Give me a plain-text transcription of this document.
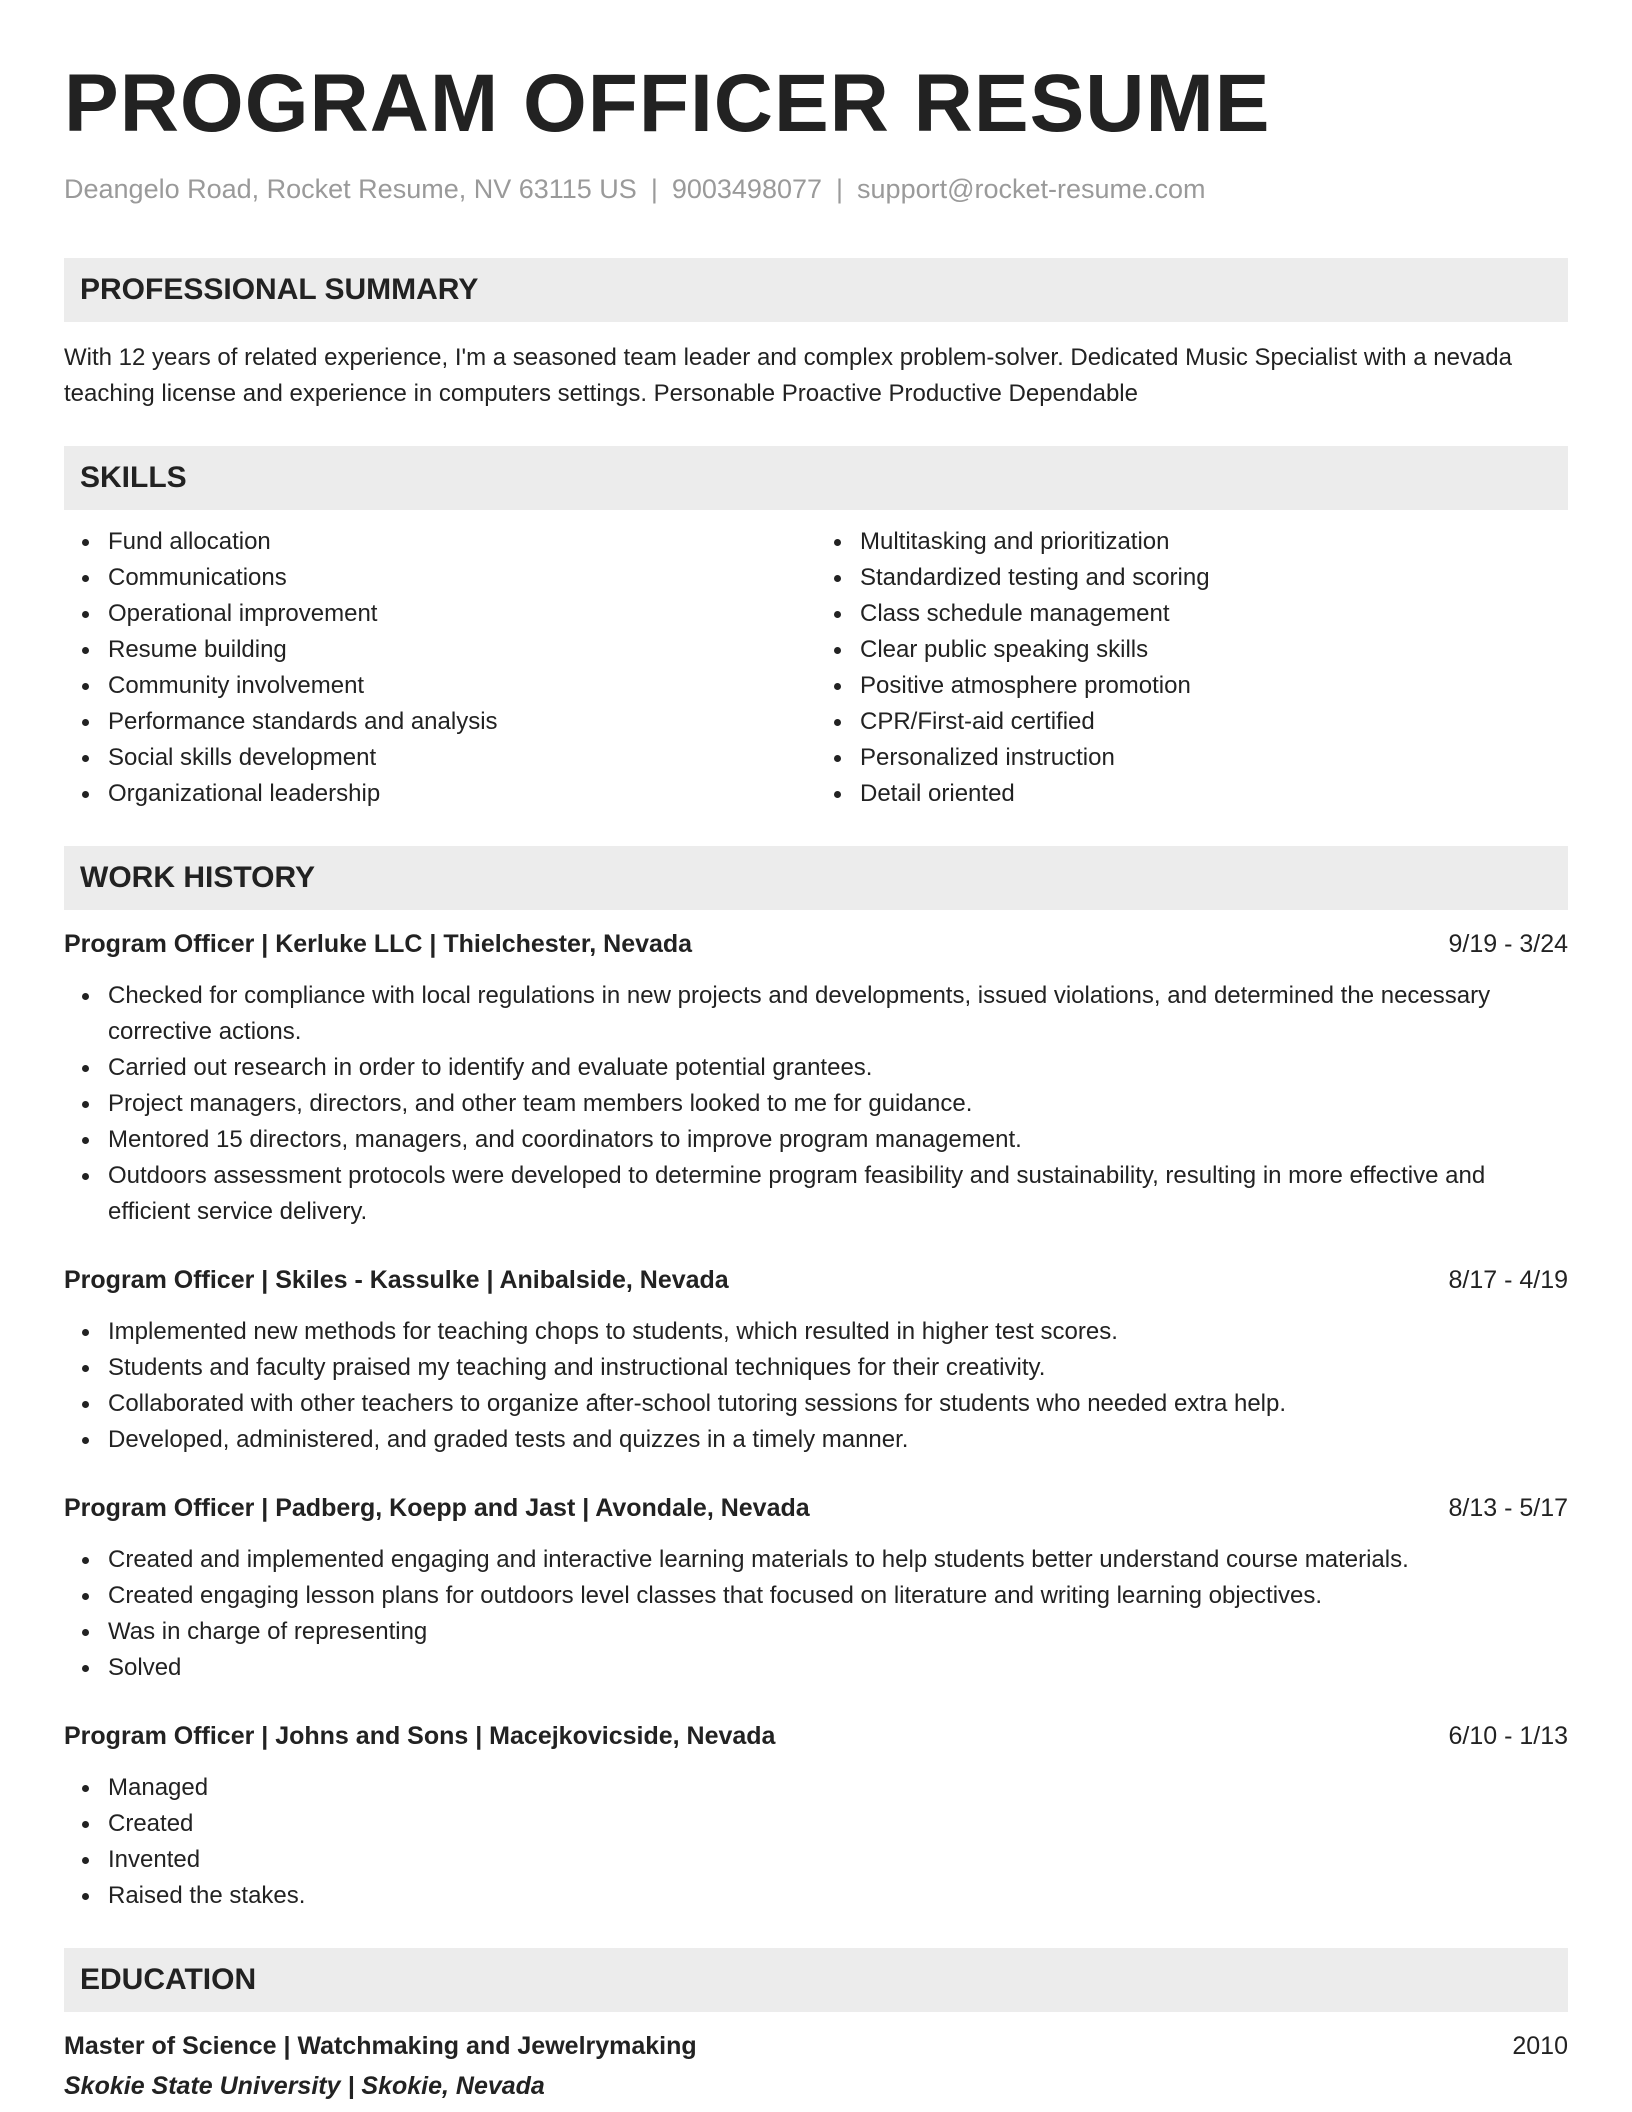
PROGRAM OFFICER RESUME
Deangelo Road, Rocket Resume, NV 63115 US | 9003498077 | support@rocket-resume.com
PROFESSIONAL SUMMARY
With 12 years of related experience, I'm a seasoned team leader and complex problem-solver. Dedicated Music Specialist with a nevada teaching license and experience in computers settings. Personable Proactive Productive Dependable
SKILLS
Fund allocation
Communications
Operational improvement
Resume building
Community involvement
Performance standards and analysis
Social skills development
Organizational leadership
Multitasking and prioritization
Standardized testing and scoring
Class schedule management
Clear public speaking skills
Positive atmosphere promotion
CPR/First-aid certified
Personalized instruction
Detail oriented
WORK HISTORY
Program Officer | Kerluke LLC | Thielchester, Nevada	9/19 - 3/24
Checked for compliance with local regulations in new projects and developments, issued violations, and determined the necessary corrective actions.
Carried out research in order to identify and evaluate potential grantees.
Project managers, directors, and other team members looked to me for guidance.
Mentored 15 directors, managers, and coordinators to improve program management.
Outdoors assessment protocols were developed to determine program feasibility and sustainability, resulting in more effective and efficient service delivery.
Program Officer | Skiles - Kassulke | Anibalside, Nevada	8/17 - 4/19
Implemented new methods for teaching chops to students, which resulted in higher test scores.
Students and faculty praised my teaching and instructional techniques for their creativity.
Collaborated with other teachers to organize after-school tutoring sessions for students who needed extra help.
Developed, administered, and graded tests and quizzes in a timely manner.
Program Officer | Padberg, Koepp and Jast | Avondale, Nevada	8/13 - 5/17
Created and implemented engaging and interactive learning materials to help students better understand course materials.
Created engaging lesson plans for outdoors level classes that focused on literature and writing learning objectives.
Was in charge of representing
Solved
Program Officer | Johns and Sons | Macejkovicside, Nevada	6/10 - 1/13
Managed
Created
Invented
Raised the stakes.
EDUCATION
Master of Science | Watchmaking and Jewelrymaking	2010
Skokie State University | Skokie, Nevada
